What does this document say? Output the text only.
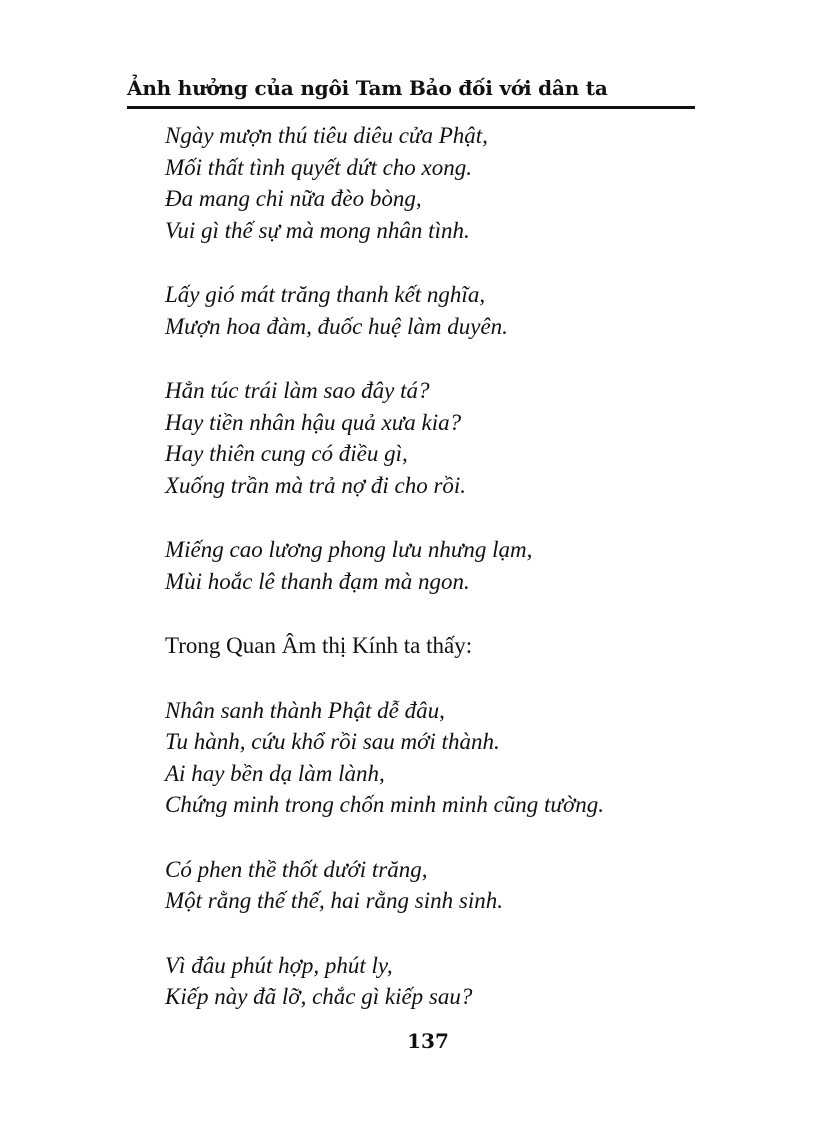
Ảnh hưởng của ngôi Tam Bảo đối với dân ta
Ngày mượn thú tiêu diêu cửa Phật,
Mối thất tình quyết dứt cho xong.
Đa mang chi nữa đèo bòng,
Vui gì thế sự mà mong nhân tình.
Lấy gió mát trăng thanh kết nghĩa,
Mượn hoa đàm, đuốc huệ làm duyên.
Hẳn túc trái làm sao đây tá?
Hay tiền nhân hậu quả xưa kia?
Hay thiên cung có điều gì,
Xuống trần mà trả nợ đi cho rồi.
Miếng cao lương phong lưu nhưng lạm,
Mùi hoắc lê thanh đạm mà ngon.
Trong Quan Âm thị Kính ta thấy:
Nhân sanh thành Phật dễ đâu,
Tu hành, cứu khổ rồi sau mới thành.
Ai hay bền dạ làm lành,
Chứng minh trong chốn minh minh cũng tường.
Có phen thề thốt dưới trăng,
Một rằng thế thế, hai rằng sinh sinh.
Vì đâu phút hợp, phút ly,
Kiếp này đã lỡ, chắc gì kiếp sau?
137
